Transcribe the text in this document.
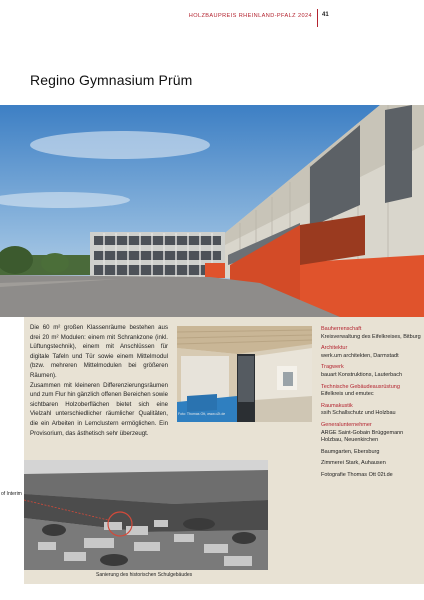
HOLZBAUPREIS RHEINLAND-PFALZ 2024 41
Regino Gymnasium Prüm

Die 60 m² großen Klassenräume bestehen aus drei 20 m² Modulen: einem mit Schrankzone (inkl. Lüftungstechnik), einem mit Anschlüssen für digitale Tafeln und Tür sowie einem Mittelmodul (bzw. mehreren Mittelmodulen bei größeren Räumen).

Zusammen mit kleineren Differenzierungsräumen und zum Flur hin gänzlich offenen Bereichen sowie sichtbaren Holzoberflächen bietet sich eine Vielzahl unterschiedlicher räumlicher Qualitäten, die ein Arbeiten in Lernclustern ermöglichen. Ein Provisorium, das ästhetisch sehr überzeugt.

Foto: Thomas Ott, www.o2t.de
of Interim
Sanierung des historischen Schulgebäudes
Bauherrenschaft
Kreisverwaltung des Eifelkreises, Bitburg
Architektur
werk.um architekten, Darmstadt
Tragwerk
bauart Konstruktions, Lauterbach
Technische Gebäudeausrüstung
Eifelkreis und emutec
Raumakustik
ssih Schallschutz und Holzbau
Generalunternehmer
ARGE Saint-Gobain Brüggemann Holzbau, Neuenkirchen
Baumgarten, Ebersburg
Zimmerei Stark, Auhausen
Fotografie Thomas Ott 02t.de
